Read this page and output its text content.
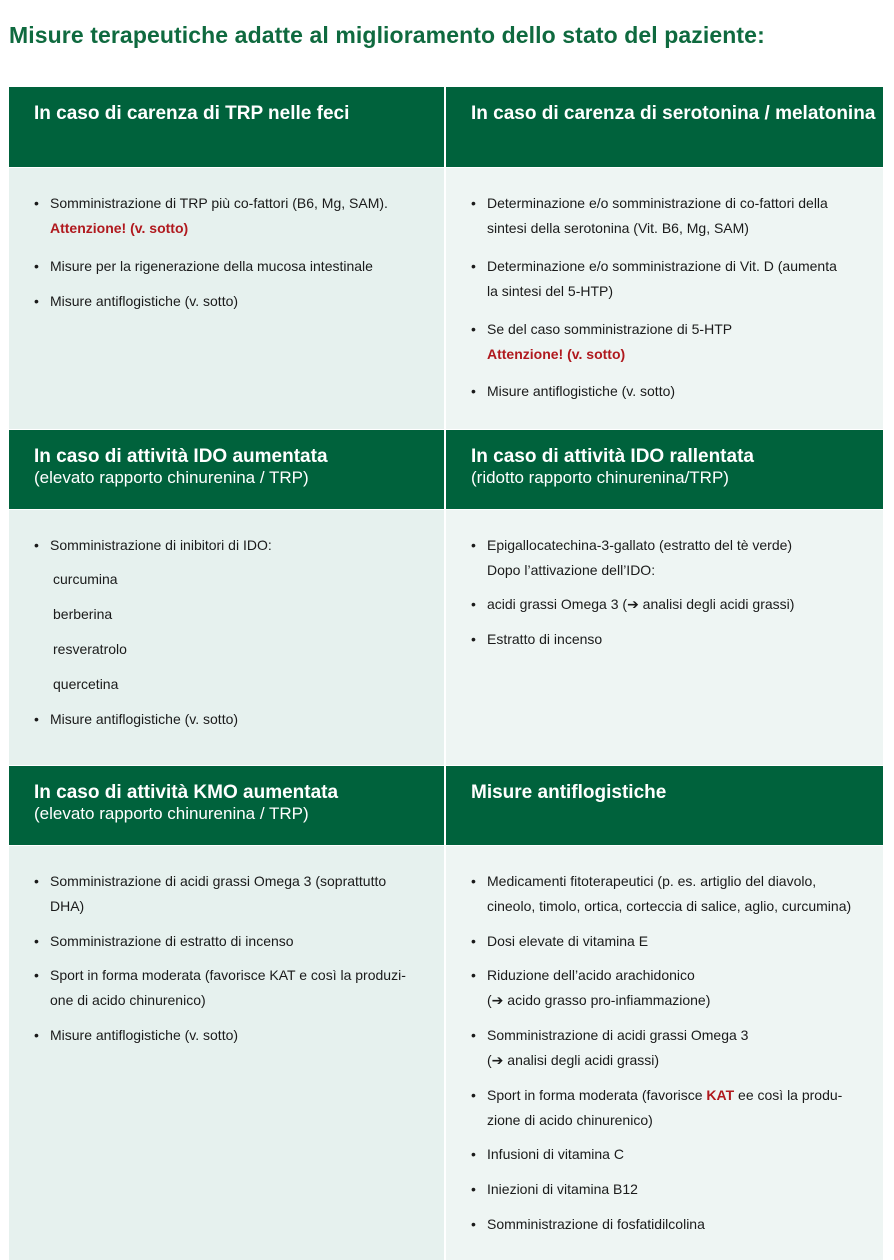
Misure terapeutiche adatte al miglioramento dello stato del paziente:
In caso di carenza di TRP nelle feci	In caso di carenza di serotonina / melatonina
• Somministrazione di TRP più co-fattori (B6, Mg, SAM).
Attenzione! (v. sotto)
• Misure per la rigenerazione della mucosa intestinale
• Misure antiflogistiche (v. sotto)
• Determinazione e/o somministrazione di co-fattori della
sintesi della serotonina (Vit. B6, Mg, SAM)
• Determinazione e/o somministrazione di Vit. D (aumenta
la sintesi del 5-HTP)
• Se del caso somministrazione di 5-HTP
Attenzione! (v. sotto)
• Misure antiflogistiche (v. sotto)
In caso di attività IDO aumentata
(elevato rapporto chinurenina / TRP)
In caso di attività IDO rallentata
(ridotto rapporto chinurenina/TRP)
• Somministrazione di inibitori di IDO:
curcumina
berberina
resveratrolo
quercetina
• Misure antiflogistiche (v. sotto)
• Epigallocatechina-3-gallato (estratto del tè verde)
Dopo l’attivazione dell’IDO:
• acidi grassi Omega 3 (➔ analisi degli acidi grassi)
• Estratto di incenso
In caso di attività KMO aumentata
(elevato rapporto chinurenina / TRP)
Misure antiflogistiche
• Somministrazione di acidi grassi Omega 3 (soprattutto
DHA)
• Somministrazione di estratto di incenso
• Sport in forma moderata (favorisce KAT e così la produzi-
one di acido chinurenico)
• Misure antiflogistiche (v. sotto)
• Medicamenti fitoterapeutici (p. es. artiglio del diavolo,
cineolo, timolo, ortica, corteccia di salice, aglio, curcumina)
• Dosi elevate di vitamina E
• Riduzione dell’acido arachidonico
(➔ acido grasso pro-infiammazione)
• Somministrazione di acidi grassi Omega 3
(➔ analisi degli acidi grassi)
• Sport in forma moderata (favorisce KAT ee così la produ-
zione di acido chinurenico)
• Infusioni di vitamina C
• Iniezioni di vitamina B12
• Somministrazione di fosfatidilcolina
